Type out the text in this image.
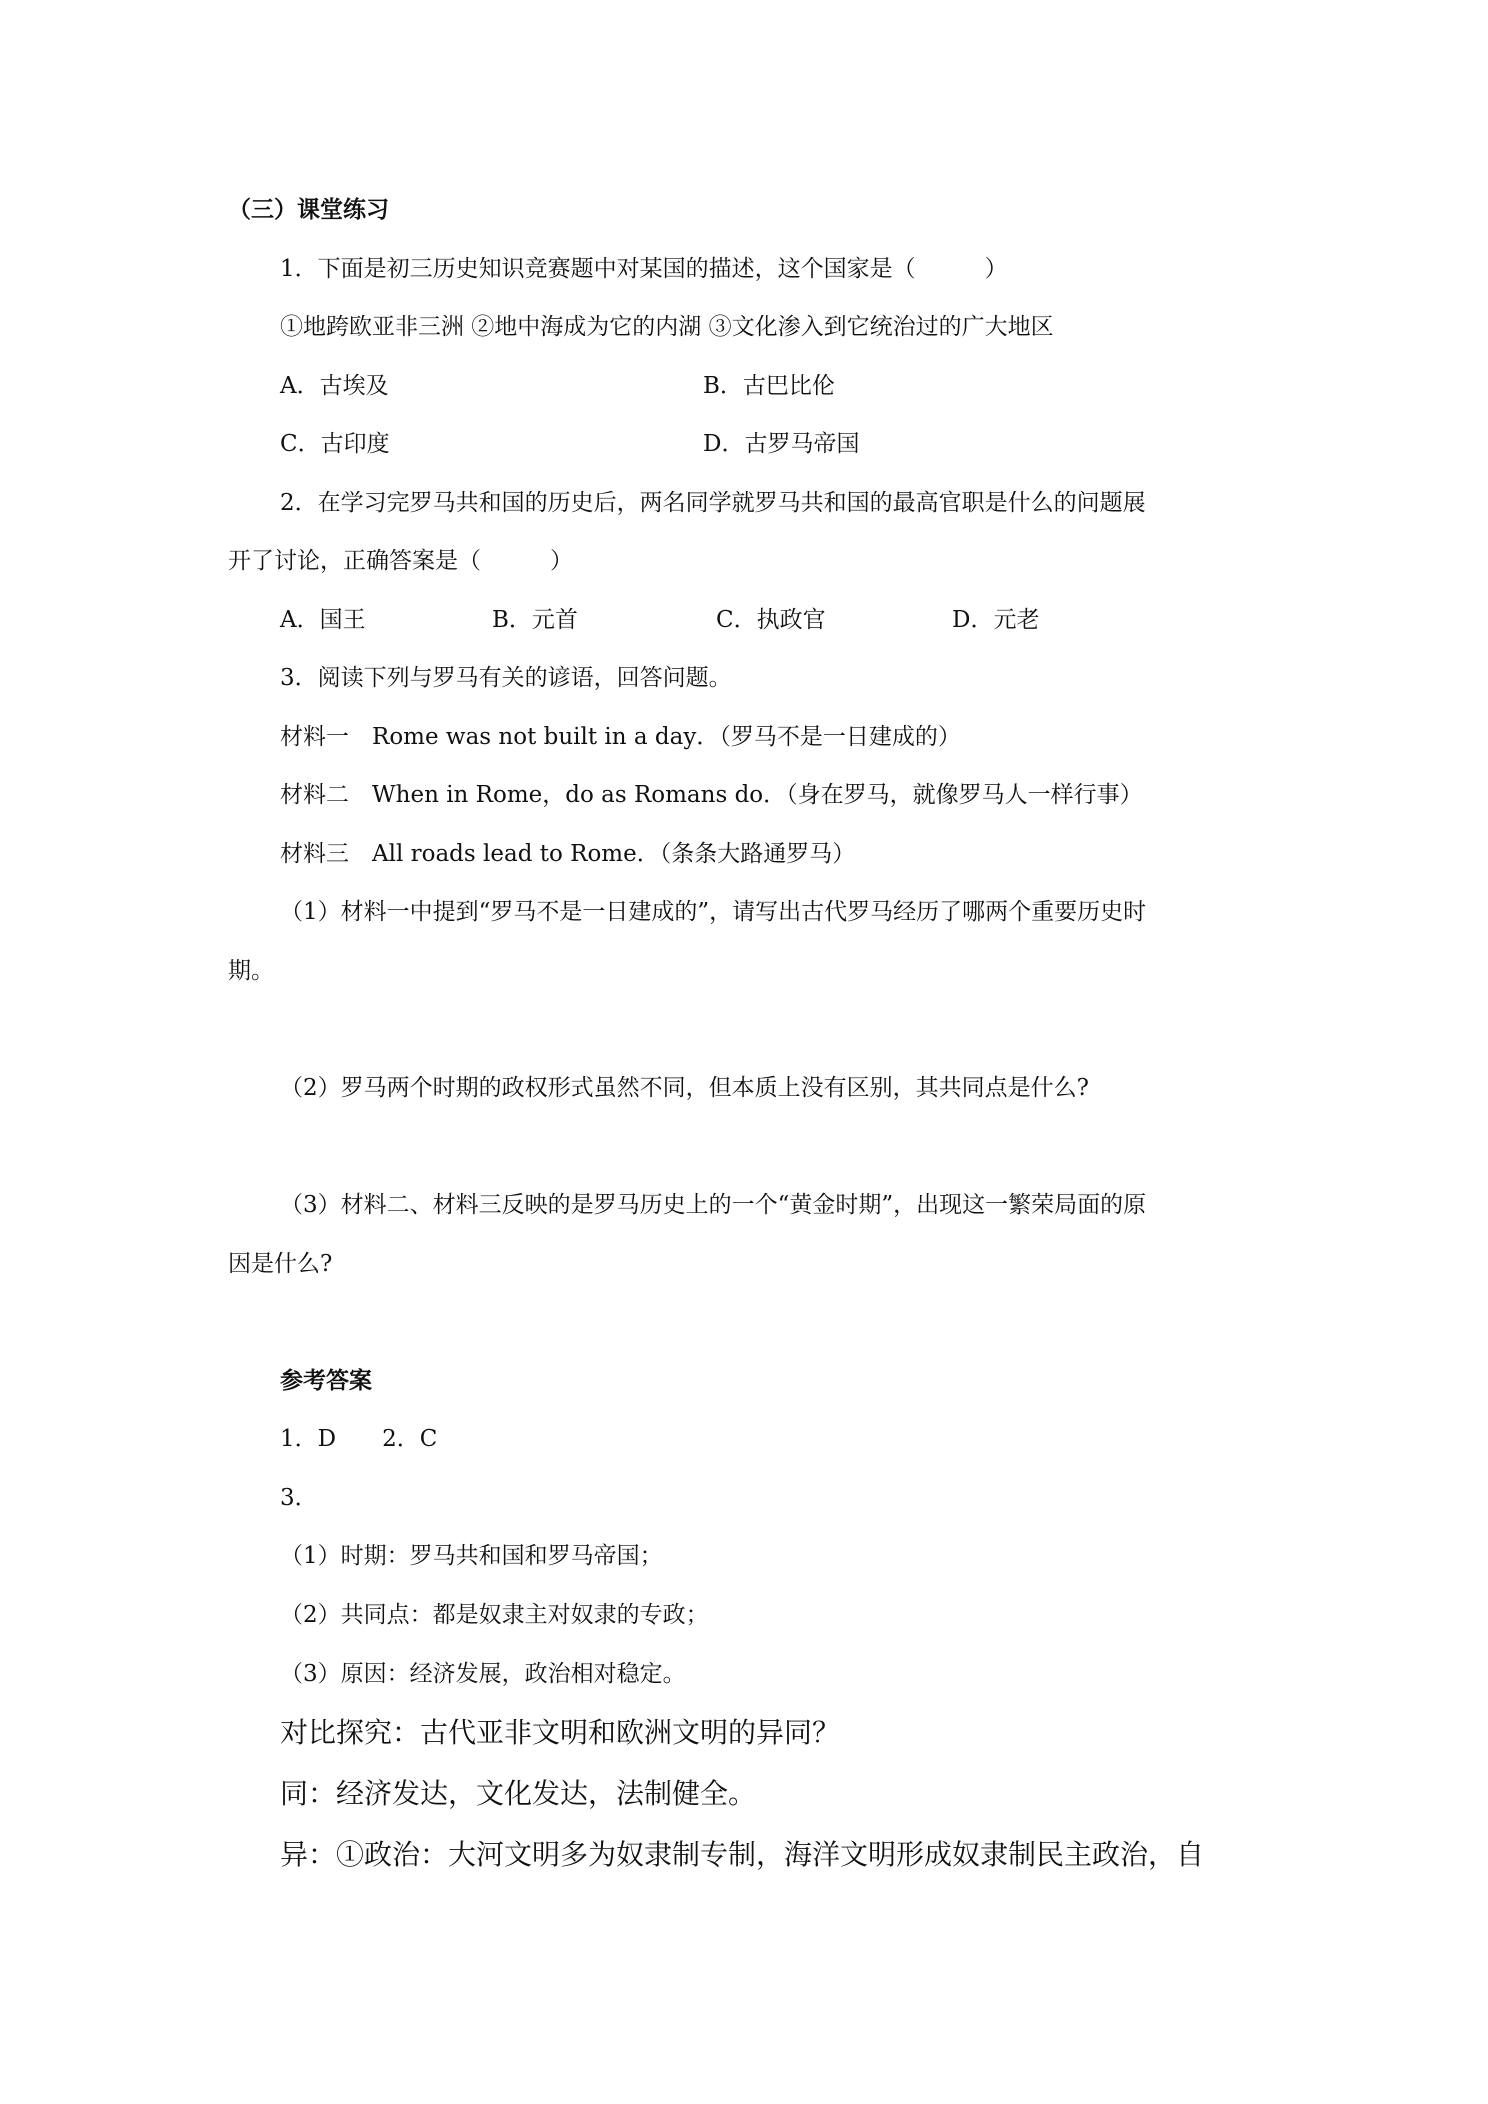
（三）课堂练习
1．下面是初三历史知识竞赛题中对某国的描述，这个国家是（　　　）
①地跨欧亚非三洲 ②地中海成为它的内湖 ③文化渗入到它统治过的广大地区
A．古埃及	B．古巴比伦
C．古印度	D．古罗马帝国
2．在学习完罗马共和国的历史后，两名同学就罗马共和国的最高官职是什么的问题展
开了讨论，正确答案是（　　　）
A．国王	B．元首	C．执政官	D．元老
3．阅读下列与罗马有关的谚语，回答问题。
材料一　Rome was not built in a day．（罗马不是一日建成的）
材料二　When in Rome，do as Romans do．（身在罗马，就像罗马人一样行事）
材料三　All roads lead to Rome．（条条大路通罗马）
（1）材料一中提到“罗马不是一日建成的”，请写出古代罗马经历了哪两个重要历史时
期。
（2）罗马两个时期的政权形式虽然不同，但本质上没有区别，其共同点是什么?
（3）材料二、材料三反映的是罗马历史上的一个“黄金时期”，出现这一繁荣局面的原
因是什么?
参考答案
1．D　　2．C
3．
（1）时期：罗马共和国和罗马帝国；
（2）共同点：都是奴隶主对奴隶的专政；
（3）原因：经济发展，政治相对稳定。
对比探究：古代亚非文明和欧洲文明的异同？
同：经济发达，文化发达，法制健全。
异：①政治：大河文明多为奴隶制专制，海洋文明形成奴隶制民主政治，自
